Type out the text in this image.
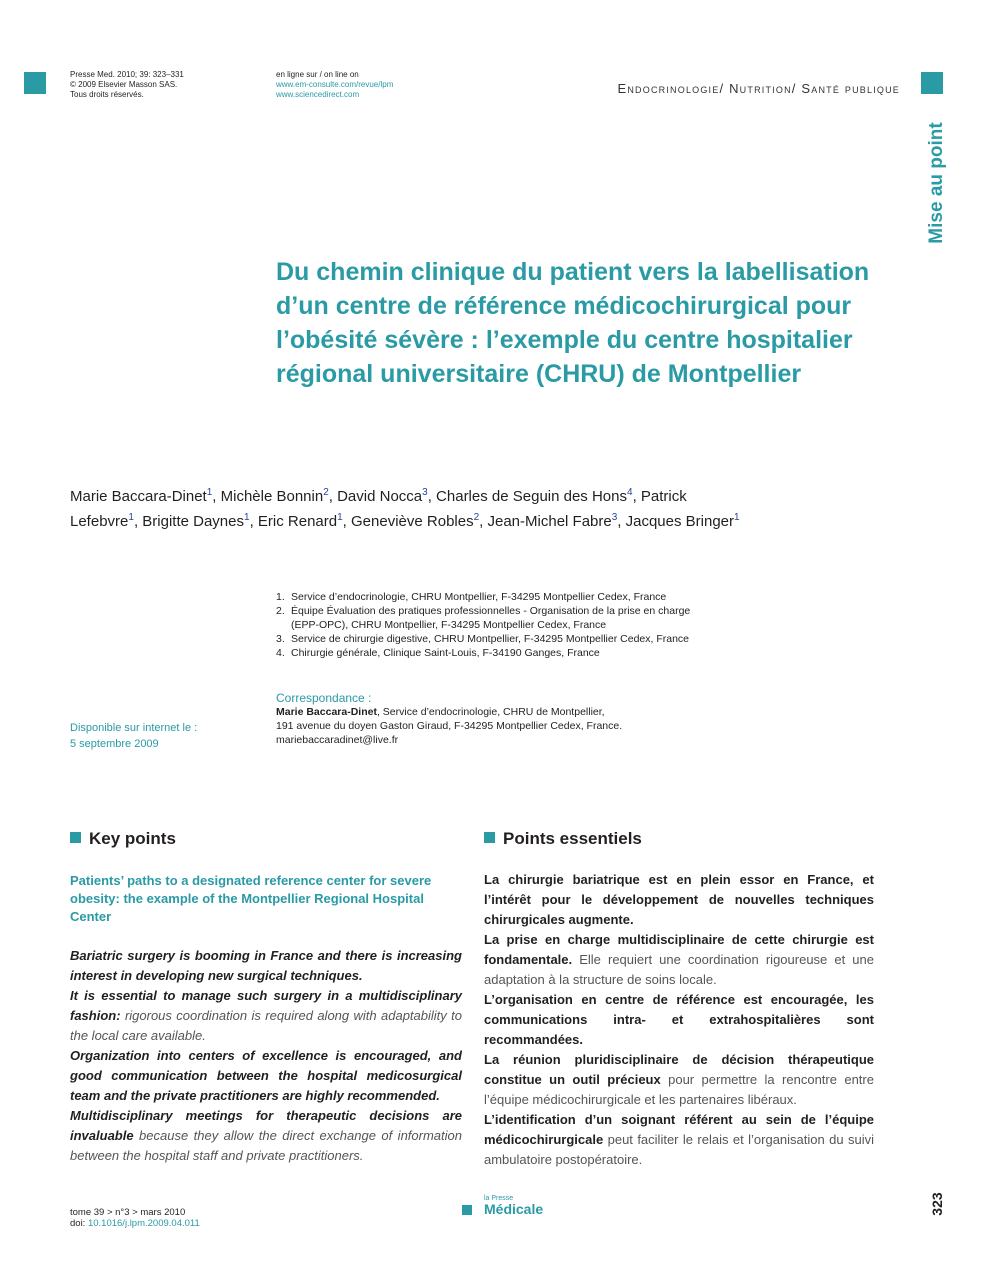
Presse Med. 2010; 39: 323–331
© 2009 Elsevier Masson SAS.
Tous droits réservés.
en ligne sur / on line on
www.em-consulte.com/revue/lpm
www.sciencedirect.com	Endocrinologie/ Nutrition/ Santé publique
Mise au point
Du chemin clinique du patient vers la labellisation d’un centre de référence médicochirurgical pour l’obésité sévère : l’exemple du centre hospitalier régional universitaire (CHRU) de Montpellier
Marie Baccara-Dinet$^1$, Michèle Bonnin$^2$, David Nocca$^3$, Charles de Seguin des Hons$^4$, Patrick Lefebvre$^1$, Brigitte Daynes$^1$, Eric Renard$^1$, Geneviève Robles$^2$, Jean-Michel Fabre$^3$, Jacques Bringer$^1$
1. Service d’endocrinologie, CHRU Montpellier, F-34295 Montpellier Cedex, France
2. Équipe Évaluation des pratiques professionnelles - Organisation de la prise en charge (EPP-OPC), CHRU Montpellier, F-34295 Montpellier Cedex, France
3. Service de chirurgie digestive, CHRU Montpellier, F-34295 Montpellier Cedex, France
4. Chirurgie générale, Clinique Saint-Louis, F-34190 Ganges, France
Disponible sur internet le :
5 septembre 2009
Correspondance :
Marie Baccara-Dinet, Service d’endocrinologie, CHRU de Montpellier,
191 avenue du doyen Gaston Giraud, F-34295 Montpellier Cedex, France.
mariebaccaradinet@live.fr
Key points	Points essentiels
Patients’ paths to a designated reference center for severe obesity: the example of the Montpellier Regional Hospital Center

Bariatric surgery is booming in France and there is increasing interest in developing new surgical techniques.

It is essential to manage such surgery in a multidisciplinary fashion: rigorous coordination is required along with adaptability to the local care available.

Organization into centers of excellence is encouraged, and good communication between the hospital medicosurgical team and the private practitioners are highly recommended.

Multidisciplinary meetings for therapeutic decisions are invaluable because they allow the direct exchange of information between the hospital staff and private practitioners.

La chirurgie bariatrique est en plein essor en France, et l’intérêt pour le développement de nouvelles techniques chirurgicales augmente.

La prise en charge multidisciplinaire de cette chirurgie est fondamentale. Elle requiert une coordination rigoureuse et une adaptation à la structure de soins locale.

L’organisation en centre de référence est encouragée, les communications intra- et extrahospitalières sont recommandées.

La réunion pluridisciplinaire de décision thérapeutique constitue un outil précieux pour permettre la rencontre entre l’équipe médicochirurgicale et les partenaires libéraux.

L’identification d’un soignant référent au sein de l’équipe médicochirurgicale peut faciliter le relais et l’organisation du suivi ambulatoire postopératoire.

tome 39 > n°3 > mars 2010
doi: 10.1016/j.lpm.2009.04.011
la Presse
Médicale	323
